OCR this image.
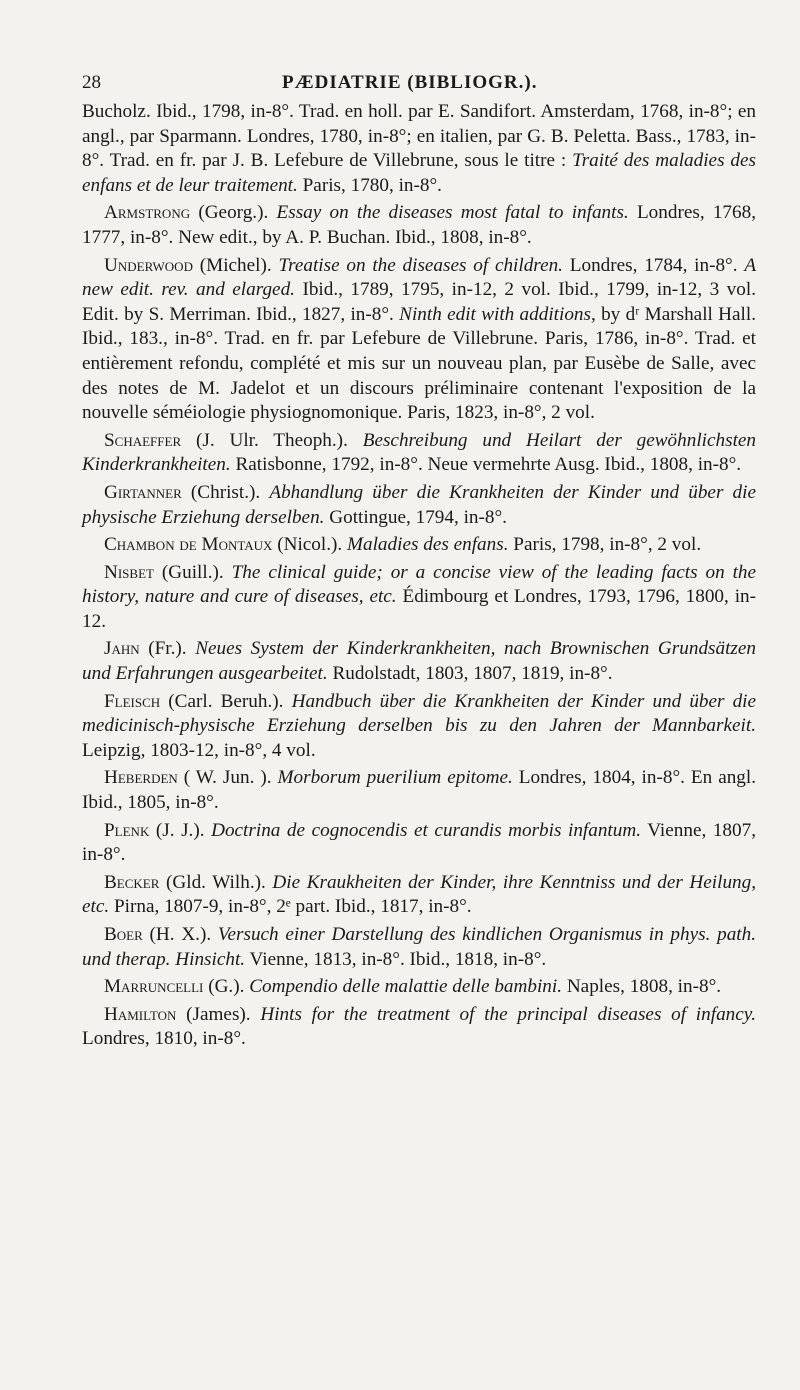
28	PÆDIATRIE (BIBLIOGR.).

Bucholz. Ibid., 1798, in-8°. Trad. en holl. par E. Sandifort. Amsterdam, 1768, in-8°; en angl., par Sparmann. Londres, 1780, in-8°; en italien, par G. B. Peletta. Bass., 1783, in-8°. Trad. en fr. par J. B. Lefebure de Villebrune, sous le titre : Traité des maladies des enfans et de leur traitement. Paris, 1780, in-8°.

Armstrong (Georg.). Essay on the diseases most fatal to infants. Londres, 1768, 1777, in-8°. New edit., by A. P. Buchan. Ibid., 1808, in-8°.

Underwood (Michel). Treatise on the diseases of children. Londres, 1784, in-8°. A new edit. rev. and elarged. Ibid., 1789, 1795, in-12, 2 vol. Ibid., 1799, in-12, 3 vol. Edit. by S. Merriman. Ibid., 1827, in-8°. Ninth edit with additions, by dʳ Marshall Hall. Ibid., 183., in-8°. Trad. en fr. par Lefebure de Villebrune. Paris, 1786, in-8°. Trad. et entièrement refondu, complété et mis sur un nouveau plan, par Eusèbe de Salle, avec des notes de M. Jadelot et un discours préliminaire contenant l'exposition de la nouvelle séméiologie physiognomonique. Paris, 1823, in-8°, 2 vol.

Schaeffer (J. Ulr. Theoph.). Beschreibung und Heilart der gewöhnlichsten Kinderkrankheiten. Ratisbonne, 1792, in-8°. Neue vermehrte Ausg. Ibid., 1808, in-8°.

Girtanner (Christ.). Abhandlung über die Krankheiten der Kinder und über die physische Erziehung derselben. Gottingue, 1794, in-8°.

Chambon de Montaux (Nicol.). Maladies des enfans. Paris, 1798, in-8°, 2 vol.

Nisbet (Guill.). The clinical guide; or a concise view of the leading facts on the history, nature and cure of diseases, etc. Édimbourg et Londres, 1793, 1796, 1800, in-12.

Jahn (Fr.). Neues System der Kinderkrankheiten, nach Brownischen Grundsätzen und Erfahrungen ausgearbeitet. Rudolstadt, 1803, 1807, 1819, in-8°.

Fleisch (Carl. Beruh.). Handbuch über die Krankheiten der Kinder und über die medicinisch-physische Erziehung derselben bis zu den Jahren der Mannbarkeit. Leipzig, 1803-12, in-8°, 4 vol.

Heberden ( W. Jun. ). Morborum puerilium epitome. Londres, 1804, in-8°. En angl. Ibid., 1805, in-8°.

Plenk (J. J.). Doctrina de cognocendis et curandis morbis infantum. Vienne, 1807, in-8°.

Becker (Gld. Wilh.). Die Kraukheiten der Kinder, ihre Kenntniss und der Heilung, etc. Pirna, 1807-9, in-8°, 2ᵉ part. Ibid., 1817, in-8°.

Boer (H. X.). Versuch einer Darstellung des kindlichen Organismus in phys. path. und therap. Hinsicht. Vienne, 1813, in-8°. Ibid., 1818, in-8°.

Marruncelli (G.). Compendio delle malattie delle bambini. Naples, 1808, in-8°.

Hamilton (James). Hints for the treatment of the principal diseases of infancy. Londres, 1810, in-8°.
